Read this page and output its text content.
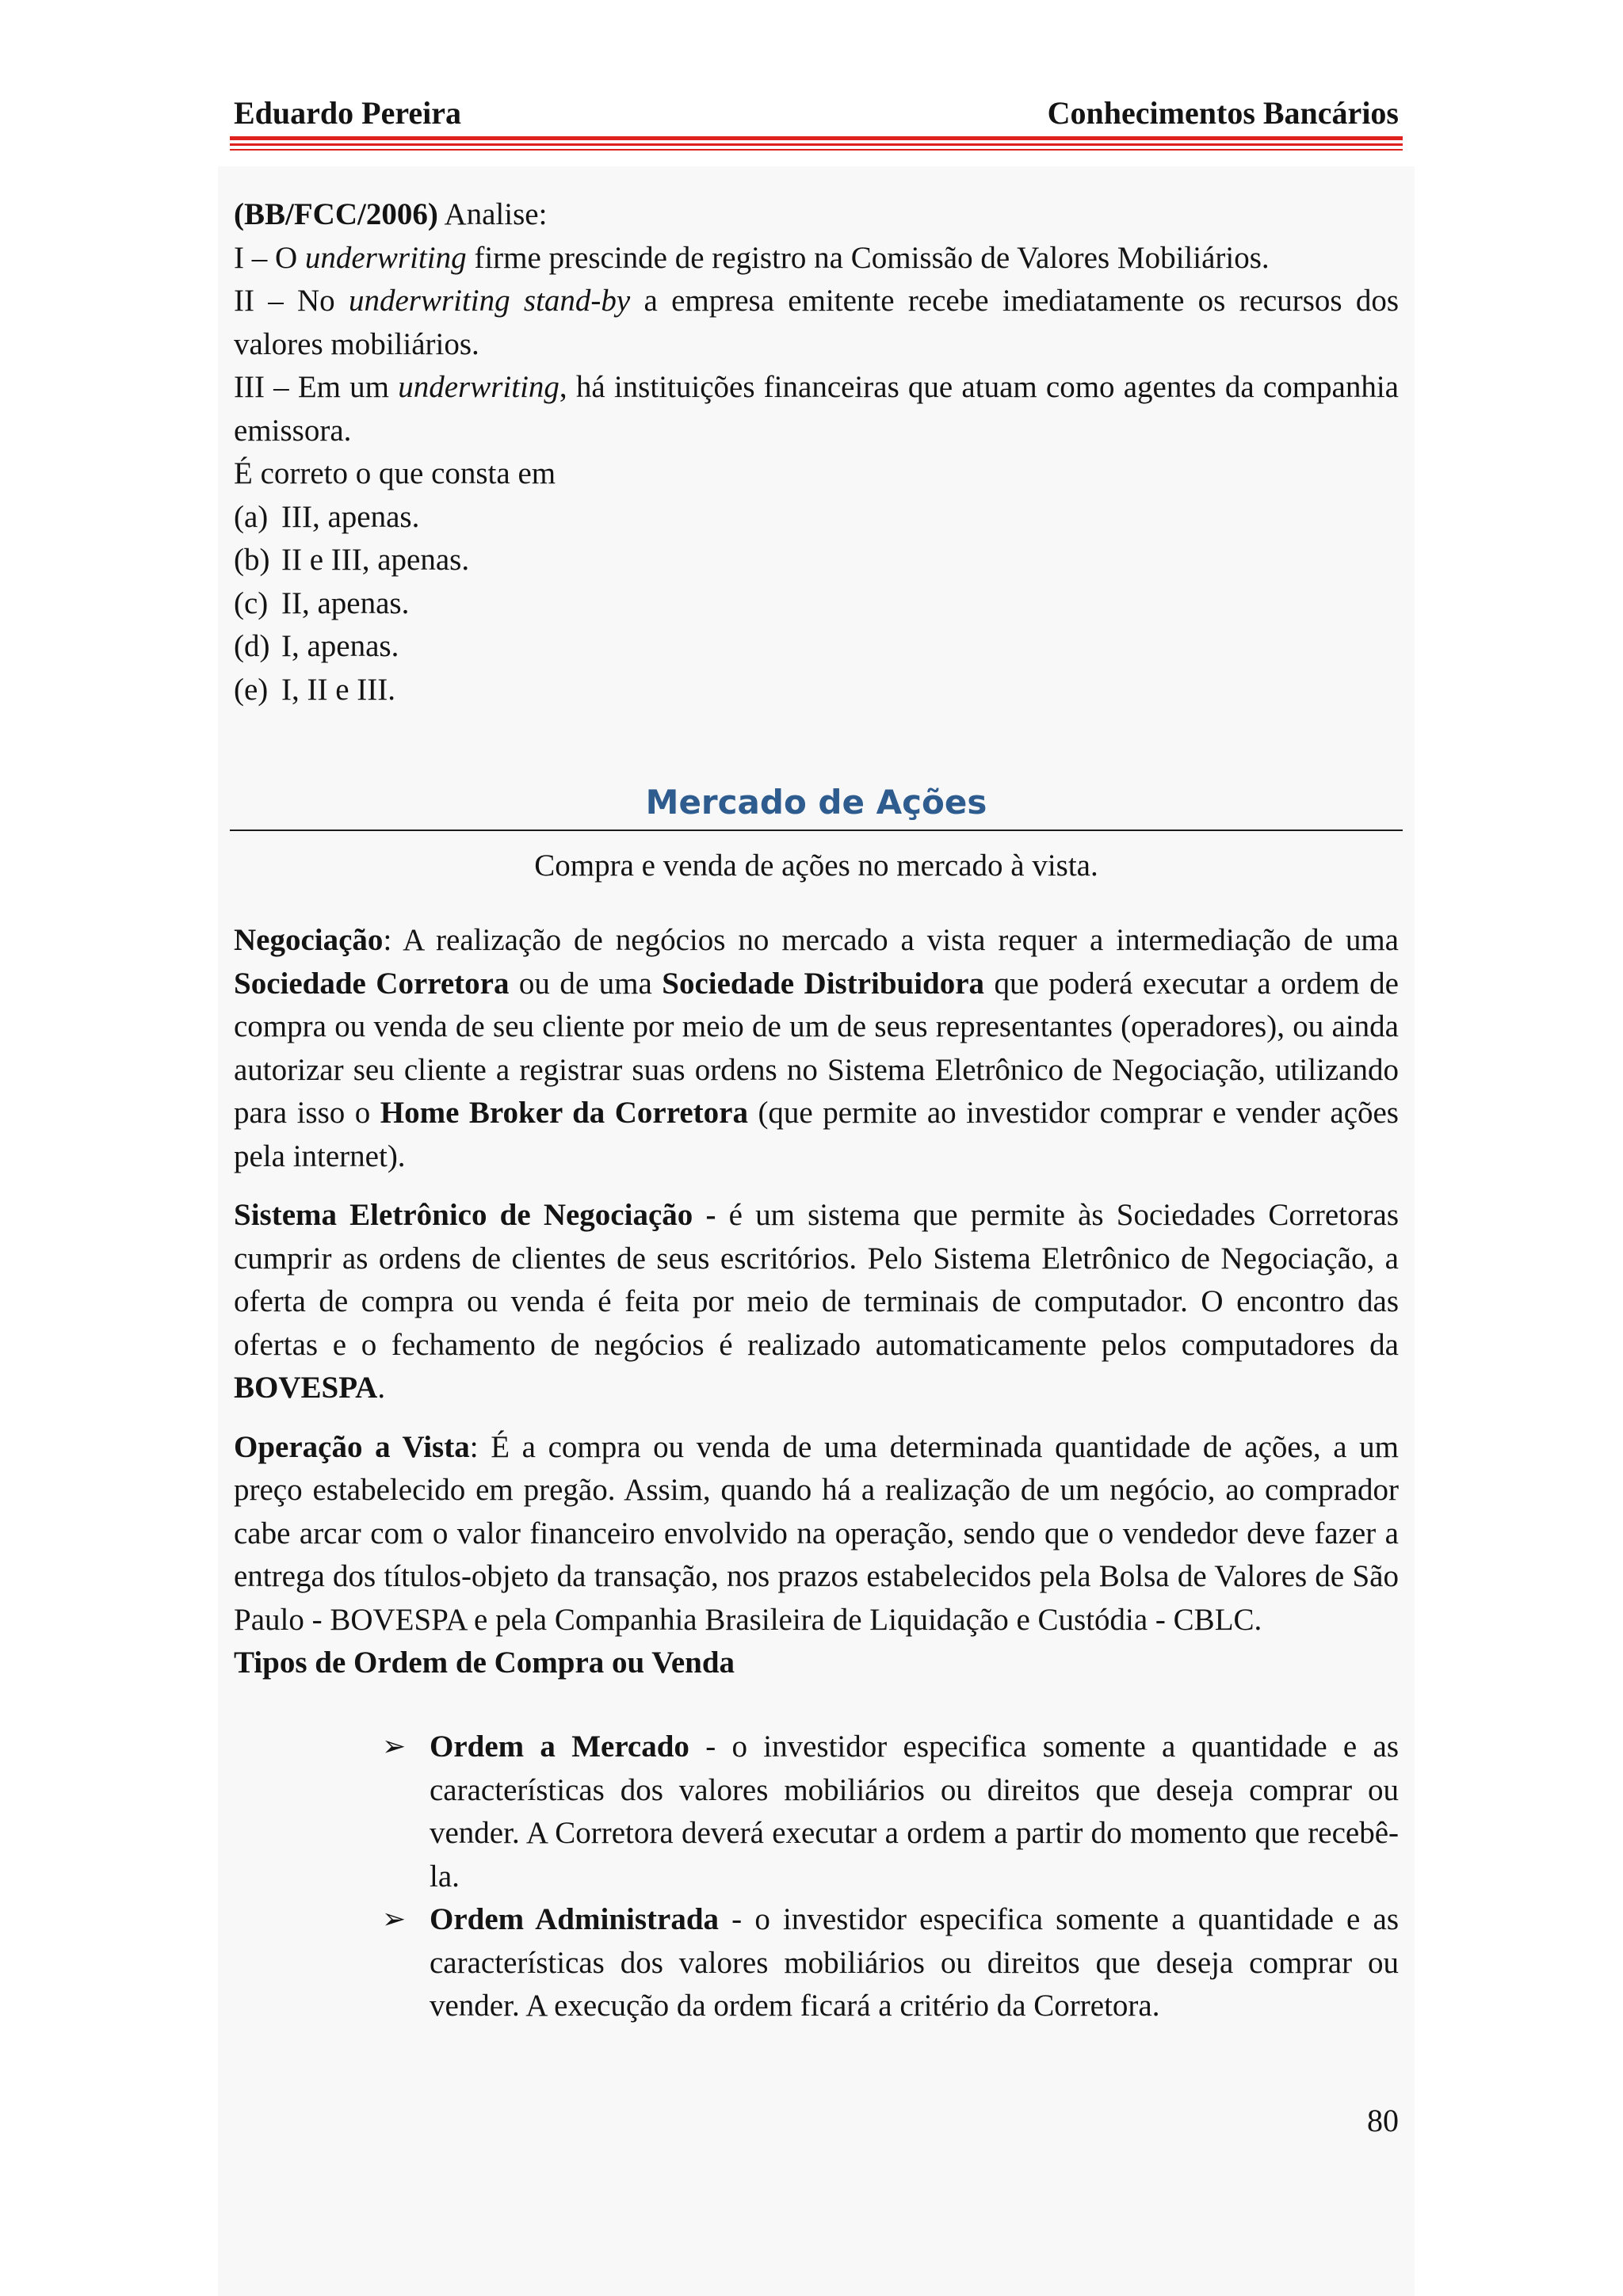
Eduardo Pereira	Conhecimentos Bancários

(BB/FCC/2006) Analise:

I – O underwriting firme prescinde de registro na Comissão de Valores Mobiliários.

II – No underwriting stand-by a empresa emitente recebe imediatamente os recursos dos valores mobiliários.

III – Em um underwriting, há instituições financeiras que atuam como agentes da companhia emissora.

É correto o que consta em

(a) III, apenas.
(b) II e III, apenas.
(c) II, apenas.
(d) I, apenas.
(e) I, II e III.
Mercado de Ações
Compra e venda de ações no mercado à vista.

Negociação: A realização de negócios no mercado a vista requer a intermediação de uma Sociedade Corretora ou de uma Sociedade Distribuidora que poderá executar a ordem de compra ou venda de seu cliente por meio de um de seus representantes (operadores), ou ainda autorizar seu cliente a registrar suas ordens no Sistema Eletrônico de Negociação, utilizando para isso o Home Broker da Corretora (que permite ao investidor comprar e vender ações pela internet).

Sistema Eletrônico de Negociação - é um sistema que permite às Sociedades Corretoras cumprir as ordens de clientes de seus escritórios. Pelo Sistema Eletrônico de Negociação, a oferta de compra ou venda é feita por meio de terminais de computador. O encontro das ofertas e o fechamento de negócios é realizado automaticamente pelos computadores da BOVESPA.

Operação a Vista: É a compra ou venda de uma determinada quantidade de ações, a um preço estabelecido em pregão. Assim, quando há a realização de um negócio, ao comprador cabe arcar com o valor financeiro envolvido na operação, sendo que o vendedor deve fazer a entrega dos títulos-objeto da transação, nos prazos estabelecidos pela Bolsa de Valores de São Paulo - BOVESPA e pela Companhia Brasileira de Liquidação e Custódia - CBLC.

Tipos de Ordem de Compra ou Venda

➢ Ordem a Mercado - o investidor especifica somente a quantidade e as características dos valores mobiliários ou direitos que deseja comprar ou vender. A Corretora deverá executar a ordem a partir do momento que recebê-la.

➢ Ordem Administrada - o investidor especifica somente a quantidade e as características dos valores mobiliários ou direitos que deseja comprar ou vender. A execução da ordem ficará a critério da Corretora.

80
